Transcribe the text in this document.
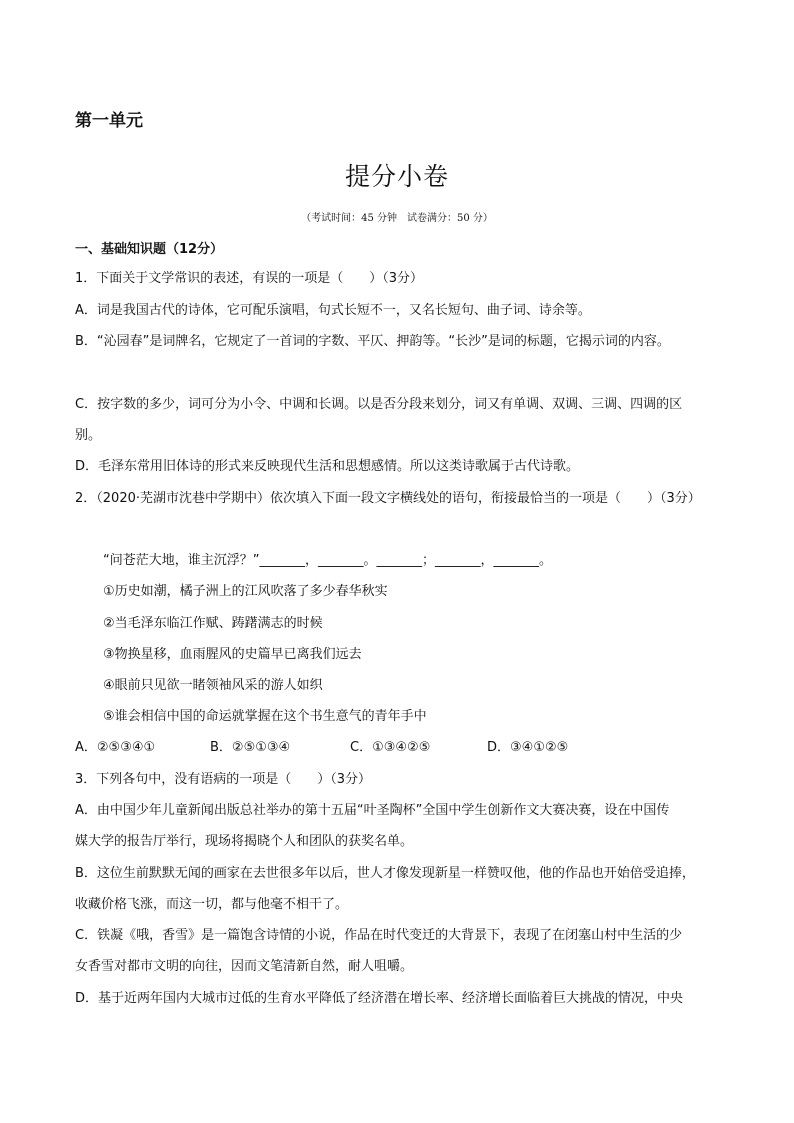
第一单元
提分小卷
（考试时间：45 分钟　试卷满分：50 分）
一、基础知识题（12分）
1．下面关于文学常识的表述，有误的一项是（　　）（3分）
A．词是我国古代的诗体，它可配乐演唱，句式长短不一，又名长短句、曲子词、诗余等。
B．“沁园春”是词牌名，它规定了一首词的字数、平仄、押韵等。“长沙”是词的标题，它揭示词的内容。
C．按字数的多少，词可分为小令、中调和长调。以是否分段来划分，词又有单调、双调、三调、四调的区
别。
D．毛泽东常用旧体诗的形式来反映现代生活和思想感情。所以这类诗歌属于古代诗歌。
2．（2020·芜湖市沈巷中学期中）依次填入下面一段文字横线处的语句，衔接最恰当的一项是（　　）（3分）
“问苍茫大地，谁主沉浮？”_______，_______。_______；_______，_______。
①历史如潮，橘子洲上的江风吹落了多少春华秋实
②当毛泽东临江作赋、踌躇满志的时候
③物换星移，血雨腥风的史篇早已离我们远去
④眼前只见欲一睹领袖风采的游人如织
⑤谁会相信中国的命运就掌握在这个书生意气的青年手中
A．②⑤③④①	B．②⑤①③④	C．①③④②⑤	D．③④①②⑤
3．下列各句中，没有语病的一项是（　　）（3分）
A．由中国少年儿童新闻出版总社举办的第十五届“叶圣陶杯”全国中学生创新作文大赛决赛，设在中国传
媒大学的报告厅举行，现场将揭晓个人和团队的获奖名单。
B．这位生前默默无闻的画家在去世很多年以后，世人才像发现新星一样赞叹他，他的作品也开始倍受追捧，
收藏价格飞涨，而这一切，都与他毫不相干了。
C．铁凝《哦，香雪》是一篇饱含诗情的小说，作品在时代变迁的大背景下，表现了在闭塞山村中生活的少
女香雪对都市文明的向往，因而文笔清新自然，耐人咀嚼。
D．基于近两年国内大城市过低的生育水平降低了经济潜在增长率、经济增长面临着巨大挑战的情况，中央
